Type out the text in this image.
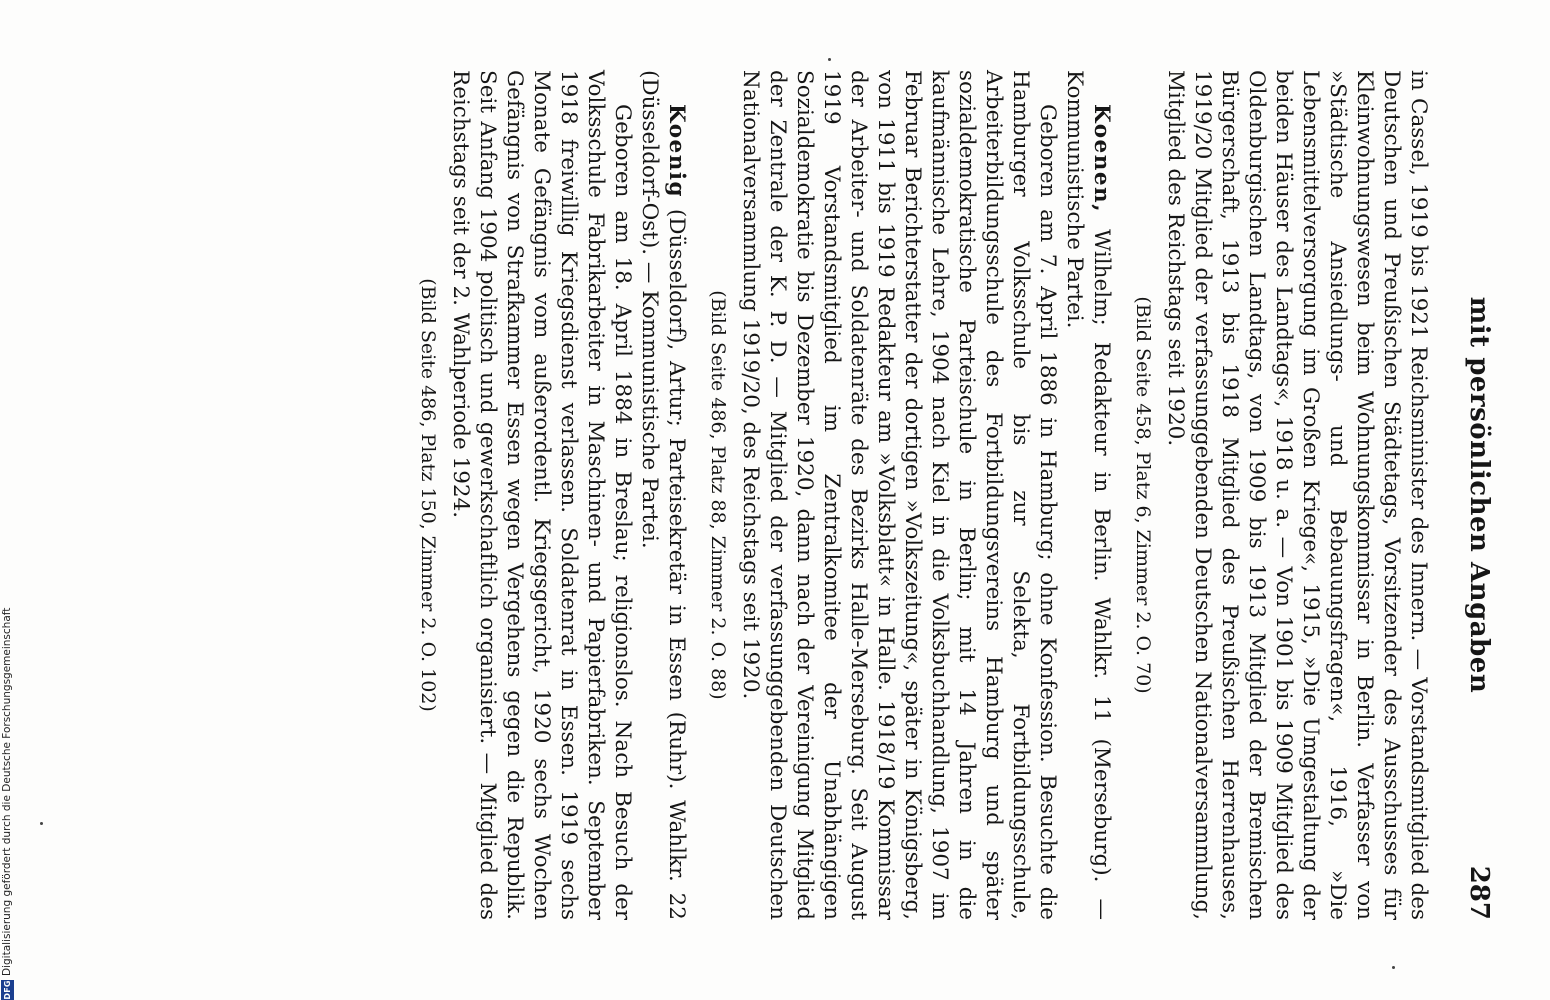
mit persönlichen Angaben
287

in Cassel, 1919 bis 1921 Reichsminister des Innern. — Vorstandsmitglied des Deutschen und Preußischen Städtetags, Vorsitzender des Ausschusses für Kleinwohnungswesen beim Wohnungskommissar in Berlin. Verfasser von »Städtische Ansiedlungs- und Bebauungsfragen«, 1916, »Die Lebensmittelversorgung im Großen Kriege«, 1915, »Die Umgestaltung der beiden Häuser des Landtags«, 1918 u. a. — Von 1901 bis 1909 Mitglied des Oldenburgischen Landtags, von 1909 bis 1913 Mitglied der Bremischen Bürgerschaft, 1913 bis 1918 Mitglied des Preußischen Herrenhauses, 1919/20 Mitglied der verfassunggebenden Deutschen Nationalversammlung, Mitglied des Reichstags seit 1920.

(Bild Seite 458, Platz 6, Zimmer 2. O. 70)

Koenen, Wilhelm; Redakteur in Berlin. Wahlkr. 11 (Merseburg). — Kommunistische Partei.

Geboren am 7. April 1886 in Hamburg; ohne Konfession. Besuchte die Hamburger Volksschule bis zur Selekta, Fortbildungsschule, Arbeiterbildungsschule des Fortbildungsvereins Hamburg und später sozialdemokratische Parteischule in Berlin; mit 14 Jahren in die kaufmännische Lehre, 1904 nach Kiel in die Volksbuchhandlung, 1907 im Februar Berichterstatter der dortigen »Volkszeitung«, später in Königsberg, von 1911 bis 1919 Redakteur am »Volksblatt« in Halle. 1918/19 Kommissar der Arbeiter- und Soldatenräte des Bezirks Halle-Merseburg. Seit August 1919 Vorstandsmitglied im Zentralkomitee der Unabhängigen Sozialdemokratie bis Dezember 1920, dann nach der Vereinigung Mitglied der Zentrale der K. P. D. — Mitglied der verfassunggebenden Deutschen Nationalversammlung 1919/20, des Reichstags seit 1920.

(Bild Seite 486, Platz 88, Zimmer 2. O. 88)

Koenig (Düsseldorf), Artur; Parteisekretär in Essen (Ruhr). Wahlkr. 22 (Düsseldorf-Ost). — Kommunistische Partei.

Geboren am 18. April 1884 in Breslau; religionslos. Nach Besuch der Volksschule Fabrikarbeiter in Maschinen- und Papierfabriken. September 1918 freiwillig Kriegsdienst verlassen. Soldatenrat in Essen. 1919 sechs Monate Gefängnis vom außerordentl. Kriegsgericht, 1920 sechs Wochen Gefängnis von Strafkammer Essen wegen Vergehens gegen die Republik. Seit Anfang 1904 politisch und gewerkschaftlich organisiert. — Mitglied des Reichstags seit der 2. Wahlperiode 1924.

(Bild Seite 486, Platz 150, Zimmer 2. O. 102)
DFG
Digitalisierung gefördert durch die Deutsche Forschungsgemeinschaft
